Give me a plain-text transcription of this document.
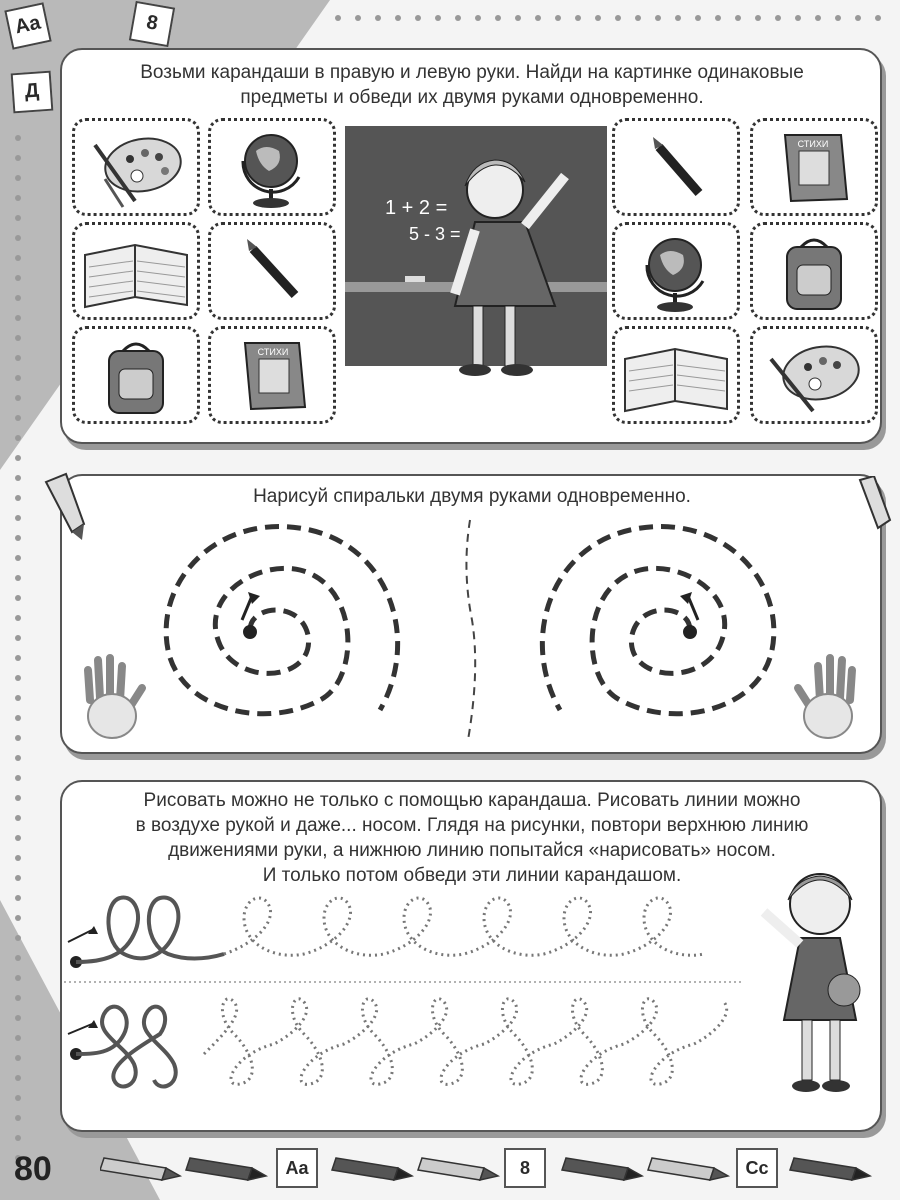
Aa	8
Д
Возьми карандаши в правую и левую руки. Найди на картинке одинаковые
предметы и обведи их двумя руками одновременно.
СТИХИ
1 + 2 =
5 - 3 =
СТИХИ
Нарисуй спиральки двумя руками одновременно.
Рисовать можно не только с помощью карандаша. Рисовать линии можно
в воздухе рукой и даже... носом. Глядя на рисунки, повтори верхнюю линию
движениями руки, а нижнюю линию попытайся «нарисовать» носом.
И только потом обведи эти линии карандашом.
80	Aa	8	Cc
